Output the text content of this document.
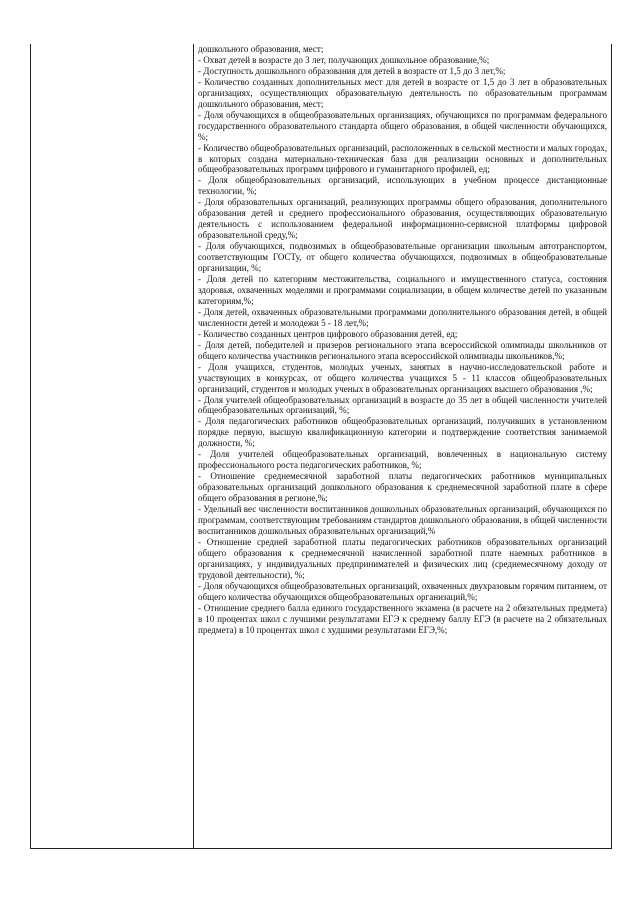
дошкольного образования, мест;

- Охват детей в возрасте до 3 лет, получающих дошкольное образование,%;

- Доступность дошкольного образования для детей в возрасте от 1,5 до 3 лет,%;

- Количество созданных дополнительных мест для детей в возрасте от 1,5 до 3 лет в образовательных организациях, осуществляющих образовательную деятельность по образовательным программам дошкольного образования, мест;

- Доля обучающихся в общеобразовательных организациях, обучающихся по программам федерального государственного образовательного стандарта общего образования, в общей численности обучающихся, %;

- Количество общеобразовательных организаций, расположенных в сельской местности и малых городах, в которых создана материально-техническая база для реализации основных и дополнительных общеобразовательных программ цифрового и гуманитарного профилей, ед;

- Доля общеобразовательных организаций, использующих в учебном процессе дистанционные технологии, %;

- Доля образовательных организаций, реализующих программы общего образования, дополнительного образования детей и среднего профессионального образования, осуществляющих образовательную деятельность с использованием федеральной информационно-сервисной платформы цифровой образовательной среду,%;

- Доля обучающихся, подвозимых в общеобразовательные организации школьным автотранспортом, соответствующим ГОСТу, от общего количества обучающихся, подвозимых в общеобразовательные организации, %;

- Доля детей по категориям местожительства, социального и имущественного статуса, состояния здоровья, охваченных моделями и программами социализации, в общем количестве детей по указанным категориям,%;

- Доля детей, охваченных образовательными программами дополнительного образования детей, в общей численности детей и молодежи 5 - 18 лет,%;

- Количество созданных центров цифрового образования детей, ед;

- Доля детей, победителей и призеров регионального этапа всероссийской олимпиады школьников от общего количества участников регионального этапа всероссийской олимпиады школьников,%;

- Доля учащихся, студентов, молодых ученых, занятых в научно-исследовательской работе и участвующих в конкурсах, от общего количества учащихся 5 - 11 классов общеобразовательных организаций, студентов и молодых ученых в образовательных организациях высшего образования ,%;

- Доля учителей общеобразовательных организаций в возрасте до 35 лет в общей численности учителей общеобразовательных организаций, %;

- Доля педагогических работников общеобразовательных организаций, получивших в установленном порядке первую, высшую квалификационную категории и подтверждение соответствия занимаемой должности, %;

- Доля учителей общеобразовательных организаций, вовлеченных в национальную систему профессионального роста педагогических работников, %;

- Отношение среднемесячной заработной платы педагогических работников муниципальных образовательных организаций дошкольного образования к среднемесячной заработной плате в сфере общего образования в регионе,%;

- Удельный вес численности воспитанников дошкольных образовательных организаций, обучающихся по программам, соответствующим требованиям стандартов дошкольного образования, в общей численности воспитанников дошкольных образовательных организаций,%

- Отношение средней заработной платы педагогических работников образовательных организаций общего образования к среднемесячной начисленной заработной плате наемных работников в организациях, у индивидуальных предпринимателей и физических лиц (среднемесячному доходу от трудовой деятельности), %;

- Доля обучающихся общеобразовательных организаций, охваченных двухразовым горячим питанием, от общего количества обучающихся общеобразовательных организаций,%;

- Отношение среднего балла единого государственного экзамена (в расчете на 2 обязательных предмета) в 10 процентах школ с лучшими результатами ЕГЭ к среднему баллу ЕГЭ (в расчете на 2 обязательных предмета) в 10 процентах школ с худшими результатами ЕГЭ,%;
